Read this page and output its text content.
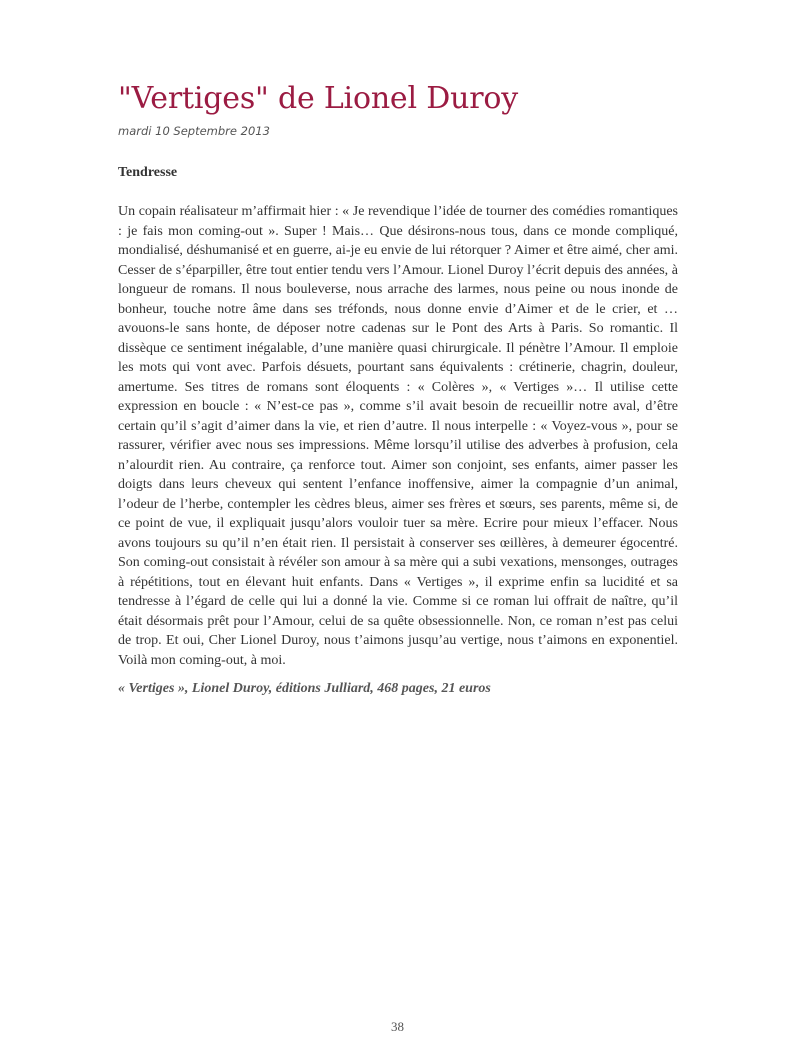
"Vertiges" de Lionel Duroy
mardi 10 Septembre 2013
Tendresse
Un copain réalisateur m’affirmait hier : « Je revendique l’idée de tourner des comédies romantiques : je fais mon coming-out ». Super ! Mais… Que désirons-nous tous, dans ce monde compliqué, mondialisé, déshumanisé et en guerre, ai-je eu envie de lui rétorquer ? Aimer et être aimé, cher ami. Cesser de s’éparpiller, être tout entier tendu vers l’Amour. Lionel Duroy l’écrit depuis des années, à longueur de romans. Il nous bouleverse, nous arrache des larmes, nous peine ou nous inonde de bonheur, touche notre âme dans ses tréfonds, nous donne envie d’Aimer et de le crier, et … avouons-le sans honte, de déposer notre cadenas sur le Pont des Arts à Paris. So romantic. Il dissèque ce sentiment inégalable, d’une manière quasi chirurgicale. Il pénètre l’Amour. Il emploie les mots qui vont avec. Parfois désuets, pourtant sans équivalents : crétinerie, chagrin, douleur, amertume. Ses titres de romans sont éloquents : « Colères », « Vertiges »… Il utilise cette expression en boucle : « N’est-ce pas », comme s’il avait besoin de recueillir notre aval, d’être certain qu’il s’agit d’aimer dans la vie, et rien d’autre. Il nous interpelle : « Voyez-vous », pour se rassurer, vérifier avec nous ses impressions. Même lorsqu’il utilise des adverbes à profusion, cela n’alourdit rien. Au contraire, ça renforce tout. Aimer son conjoint, ses enfants, aimer passer les doigts dans leurs cheveux qui sentent l’enfance inoffensive, aimer la compagnie d’un animal, l’odeur de l’herbe, contempler les cèdres bleus, aimer ses frères et sœurs, ses parents, même si, de ce point de vue, il expliquait jusqu’alors vouloir tuer sa mère. Ecrire pour mieux l’effacer. Nous avons toujours su qu’il n’en était rien. Il persistait à conserver ses œillères, à demeurer égocentré. Son coming-out consistait à révéler son amour à sa mère qui a subi vexations, mensonges, outrages à répétitions, tout en élevant huit enfants. Dans « Vertiges », il exprime enfin sa lucidité et sa tendresse à l’égard de celle qui lui a donné la vie. Comme si ce roman lui offrait de naître, qu’il était désormais prêt pour l’Amour, celui de sa quête obsessionnelle. Non, ce roman n’est pas celui de trop. Et oui, Cher Lionel Duroy, nous t’aimons jusqu’au vertige, nous t’aimons en exponentiel. Voilà mon coming-out, à moi.
« Vertiges », Lionel Duroy, éditions Julliard, 468 pages, 21 euros
38
